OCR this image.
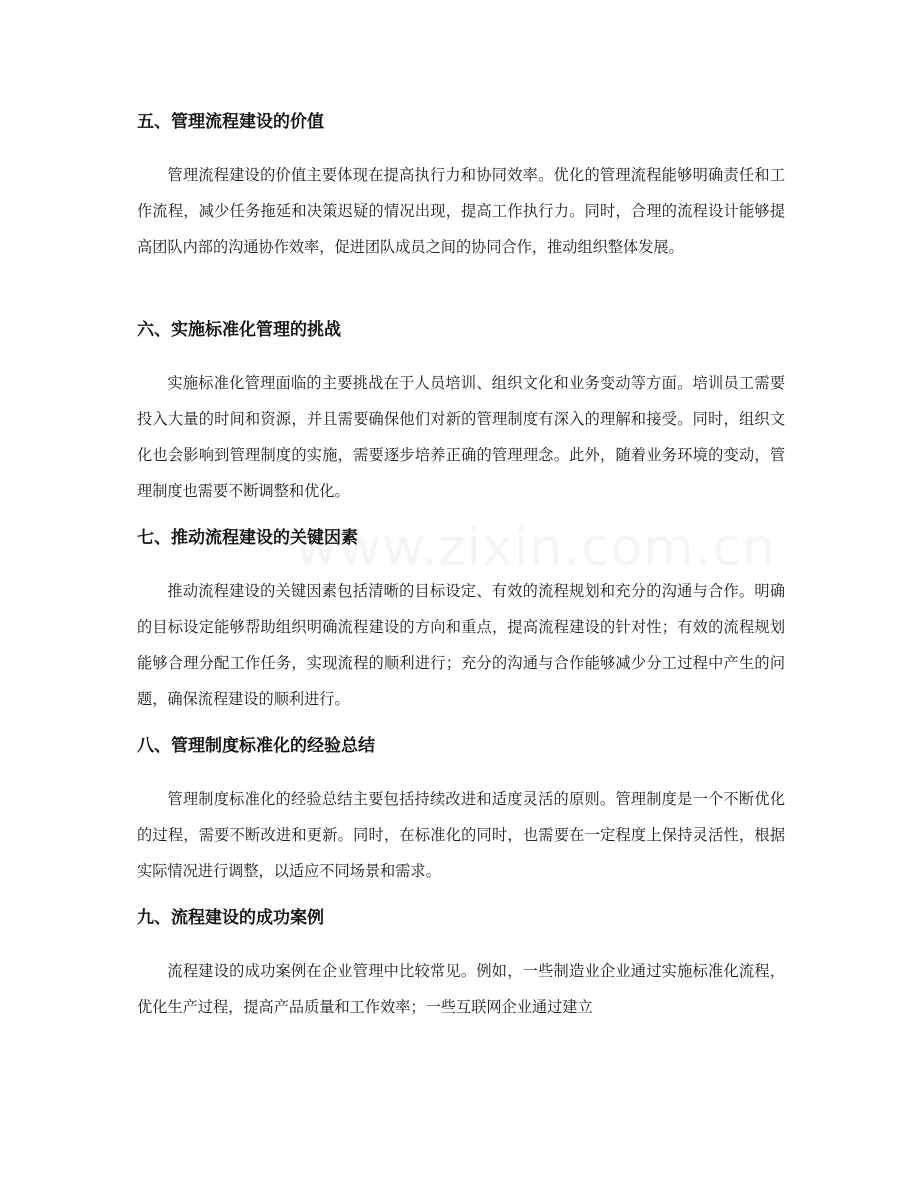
www.zixin.com.cn
五、管理流程建设的价值

管理流程建设的价值主要体现在提高执行力和协同效率。优化的管理流程能够明确责任和工作流程，减少任务拖延和决策迟疑的情况出现，提高工作执行力。同时，合理的流程设计能够提高团队内部的沟通协作效率，促进团队成员之间的协同合作，推动组织整体发展。

六、实施标准化管理的挑战

实施标准化管理面临的主要挑战在于人员培训、组织文化和业务变动等方面。培训员工需要投入大量的时间和资源，并且需要确保他们对新的管理制度有深入的理解和接受。同时，组织文化也会影响到管理制度的实施，需要逐步培养正确的管理理念。此外，随着业务环境的变动，管理制度也需要不断调整和优化。

七、推动流程建设的关键因素

推动流程建设的关键因素包括清晰的目标设定、有效的流程规划和充分的沟通与合作。明确的目标设定能够帮助组织明确流程建设的方向和重点，提高流程建设的针对性；有效的流程规划能够合理分配工作任务，实现流程的顺利进行；充分的沟通与合作能够减少分工过程中产生的问题，确保流程建设的顺利进行。

八、管理制度标准化的经验总结

管理制度标准化的经验总结主要包括持续改进和适度灵活的原则。管理制度是一个不断优化的过程，需要不断改进和更新。同时，在标准化的同时，也需要在一定程度上保持灵活性，根据实际情况进行调整，以适应不同场景和需求。

九、流程建设的成功案例

流程建设的成功案例在企业管理中比较常见。例如，一些制造业企业通过实施标准化流程，优化生产过程，提高产品质量和工作效率；一些互联网企业通过建立
